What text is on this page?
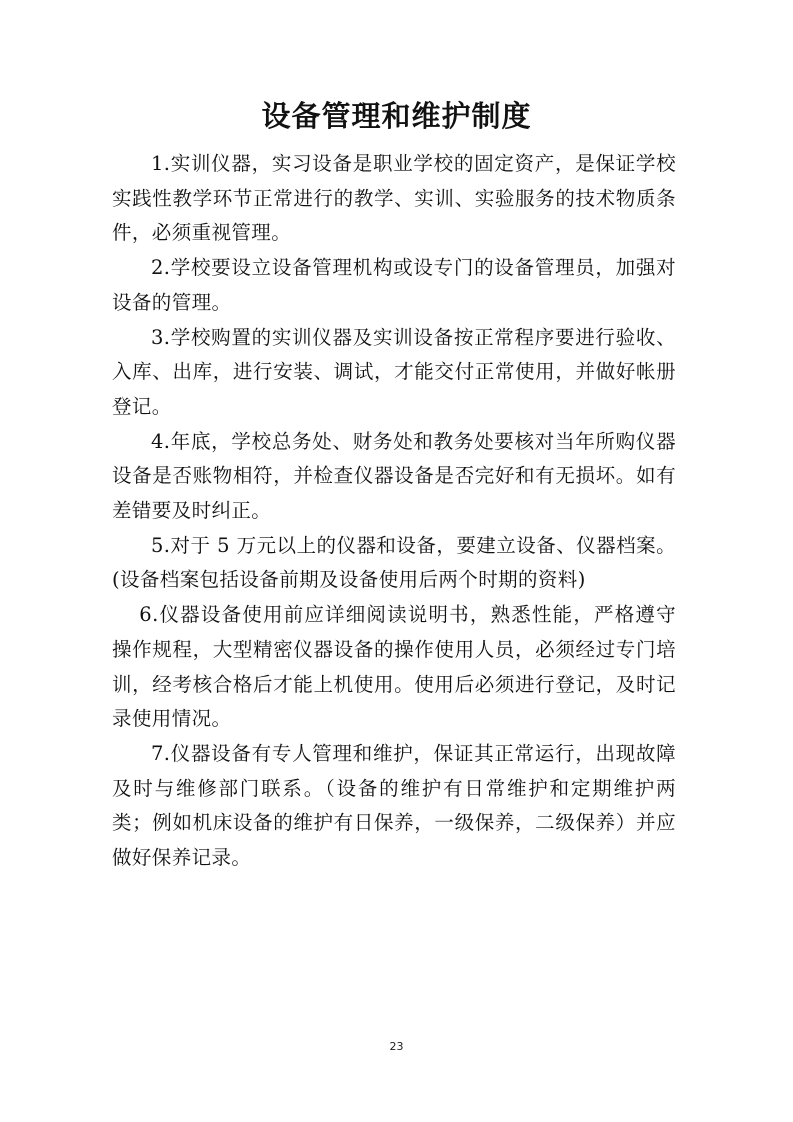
设备管理和维护制度

1.实训仪器，实习设备是职业学校的固定资产，是保证学校实践性教学环节正常进行的教学、实训、实验服务的技术物质条件，必须重视管理。

2.学校要设立设备管理机构或设专门的设备管理员，加强对设备的管理。

3.学校购置的实训仪器及实训设备按正常程序要进行验收、入库、出库，进行安装、调试，才能交付正常使用，并做好帐册登记。

4.年底，学校总务处、财务处和教务处要核对当年所购仪器设备是否账物相符，并检查仪器设备是否完好和有无损坏。如有差错要及时纠正。

5.对于 5 万元以上的仪器和设备，要建立设备、仪器档案。(设备档案包括设备前期及设备使用后两个时期的资料)

6.仪器设备使用前应详细阅读说明书，熟悉性能，严格遵守操作规程，大型精密仪器设备的操作使用人员，必须经过专门培训，经考核合格后才能上机使用。使用后必须进行登记，及时记录使用情况。

7.仪器设备有专人管理和维护，保证其正常运行，出现故障及时与维修部门联系。（设备的维护有日常维护和定期维护两类；例如机床设备的维护有日保养，一级保养，二级保养）并应做好保养记录。

23
